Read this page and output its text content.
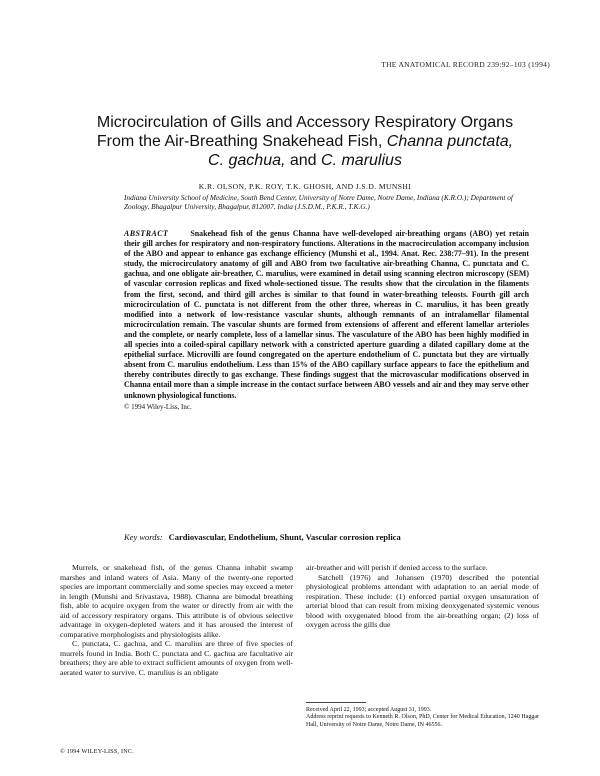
THE ANATOMICAL RECORD 239:92–103 (1994)
Microcirculation of Gills and Accessory Respiratory Organs
From the Air-Breathing Snakehead Fish, Channa punctata,
C. gachua, and C. marulius
K.R. OLSON, P.K. ROY, T.K. GHOSH, AND J.S.D. MUNSHI
Indiana University School of Medicine, South Bend Center, University of Notre Dame, Notre Dame, Indiana (K.R.O.); Department of Zoology, Bhagalpur University, Bhagalpur, 812007, India (J.S.D.M., P.K.R., T.K.G.)
ABSTRACT	Snakehead fish of the genus Channa have well-developed air-breathing organs (ABO) yet retain their gill arches for respiratory and non-respiratory functions. Alterations in the macrocirculation accompany inclusion of the ABO and appear to enhance gas exchange efficiency (Munshi et al., 1994. Anat. Rec. 238:77–91). In the present study, the microcirculatory anatomy of gill and ABO from two facultative air-breathing Channa, C. punctata and C. gachua, and one obligate air-breather, C. marulius, were examined in detail using scanning electron microscopy (SEM) of vascular corrosion replicas and fixed whole-sectioned tissue. The results show that the circulation in the filaments from the first, second, and third gill arches is similar to that found in water-breathing teleosts. Fourth gill arch microcirculation of C. punctata is not different from the other three, whereas in C. marulius, it has been greatly modified into a network of low-resistance vascular shunts, although remnants of an intralamellar filamental microcirculation remain. The vascular shunts are formed from extensions of afferent and efferent lamellar arterioles and the complete, or nearly complete, loss of a lamellar sinus. The vasculature of the ABO has been highly modified in all species into a coiled-spiral capillary network with a constricted aperture guarding a dilated capillary dome at the epithelial surface. Microvilli are found congregated on the aperture endothelium of C. punctata but they are virtually absent from C. marulius endothelium. Less than 15% of the ABO capillary surface appears to face the epithelium and thereby contributes directly to gas exchange. These findings suggest that the microvascular modifications observed in Channa entail more than a simple increase in the contact surface between ABO vessels and air and they may serve other unknown physiological functions.
© 1994 Wiley-Liss, Inc.
Key words: Cardiovascular, Endothelium, Shunt, Vascular corrosion replica

Murrels, or snakehead fish, of the genus Channa inhabit swamp marshes and inland waters of Asia. Many of the twenty-one reported species are important commercially and some species may exceed a meter in length (Munshi and Srivastava, 1988). Channa are bimodal breathing fish, able to acquire oxygen from the water or directly from air with the aid of accessory respiratory organs. This attribute is of obvious selective advantage in oxygen-depleted waters and it has aroused the interest of comparative morphologists and physiologists alike.

C. punctata, C. gachua, and C. marulius are three of five species of murrels found in India. Both C. punctata and C. gachua are facultative air breathers; they are able to extract sufficient amounts of oxygen from well-aerated water to survive. C. marulius is an obligate

air-breather and will perish if denied access to the surface.

Satchell (1976) and Johansen (1970) described the potential physiological problems attendant with adaptation to an aerial mode of respiration. These include: (1) enforced partial oxygen unsaturation of arterial blood that can result from mixing deoxygenated systemic venous blood with oxygenated blood from the air-breathing organ; (2) loss of oxygen across the gills due

Received April 22, 1993; accepted August 31, 1993.
Address reprint requests to Kenneth R. Olson, PhD, Center for Medical Education, 1240 Haggar Hall, University of Notre Dame, Notre Dame, IN 46556.
© 1994 WILEY-LISS, INC.
